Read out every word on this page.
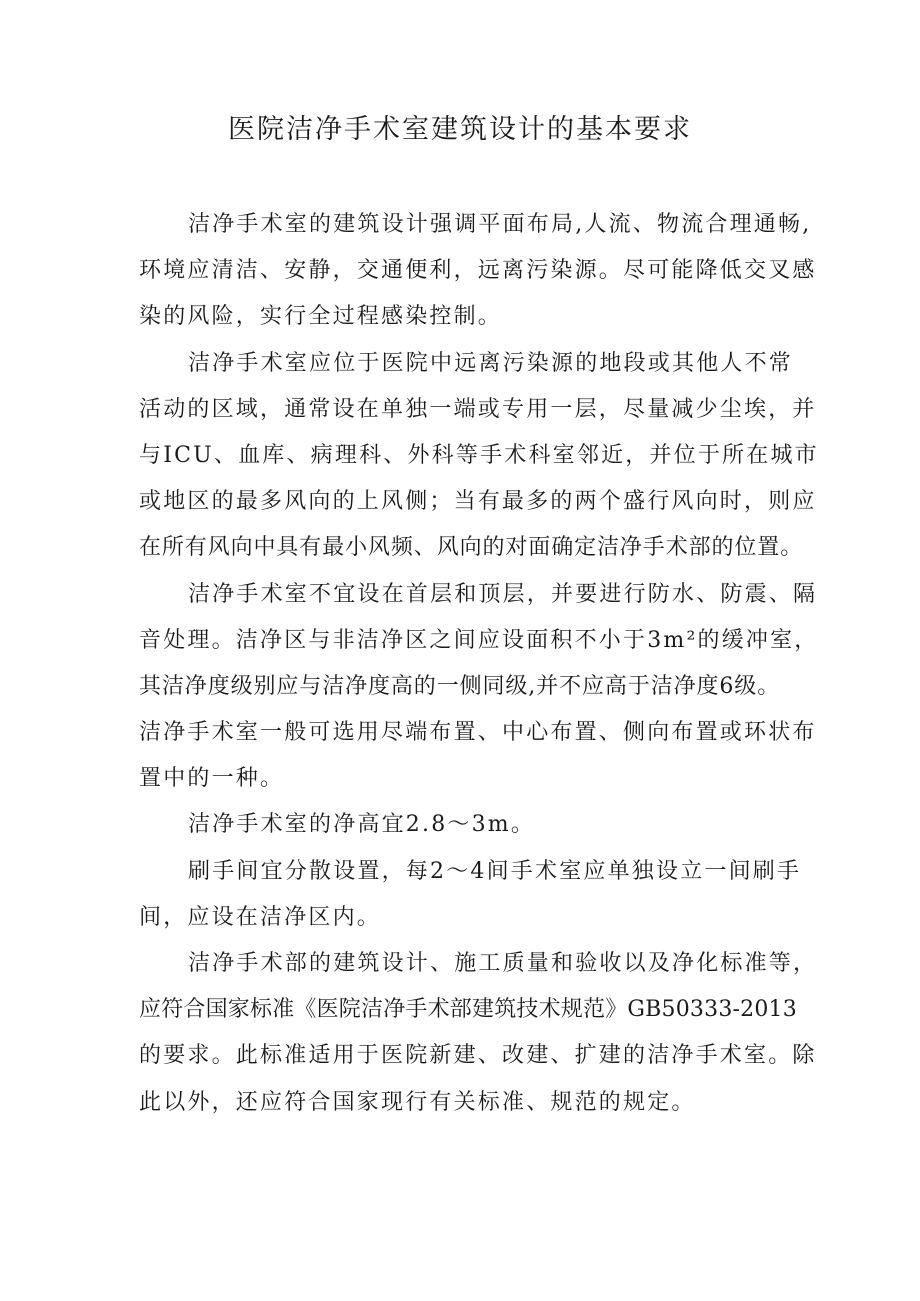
医院洁净手术室建筑设计的基本要求
洁净手术室的建筑设计强调平面布局,人流、物流合理通畅,
环境应清洁、安静，交通便利，远离污染源。尽可能降低交叉感
染的风险，实行全过程感染控制。
洁净手术室应位于医院中远离污染源的地段或其他人不常
活动的区域，通常设在单独一端或专用一层，尽量减少尘埃，并
与ICU、血库、病理科、外科等手术科室邻近，并位于所在城市
或地区的最多风向的上风侧；当有最多的两个盛行风向时，则应
在所有风向中具有最小风频、风向的对面确定洁净手术部的位置。
洁净手术室不宜设在首层和顶层，并要进行防水、防震、隔
音处理。洁净区与非洁净区之间应设面积不小于3m²的缓冲室，
其洁净度级别应与洁净度高的一侧同级,并不应高于洁净度6级。
洁净手术室一般可选用尽端布置、中心布置、侧向布置或环状布
置中的一种。
洁净手术室的净高宜2.8～3m。
刷手间宜分散设置，每2～4间手术室应单独设立一间刷手
间，应设在洁净区内。
洁净手术部的建筑设计、施工质量和验收以及净化标准等，
应符合国家标准《医院洁净手术部建筑技术规范》GB50333-2013
的要求。此标准适用于医院新建、改建、扩建的洁净手术室。除
此以外，还应符合国家现行有关标准、规范的规定。
